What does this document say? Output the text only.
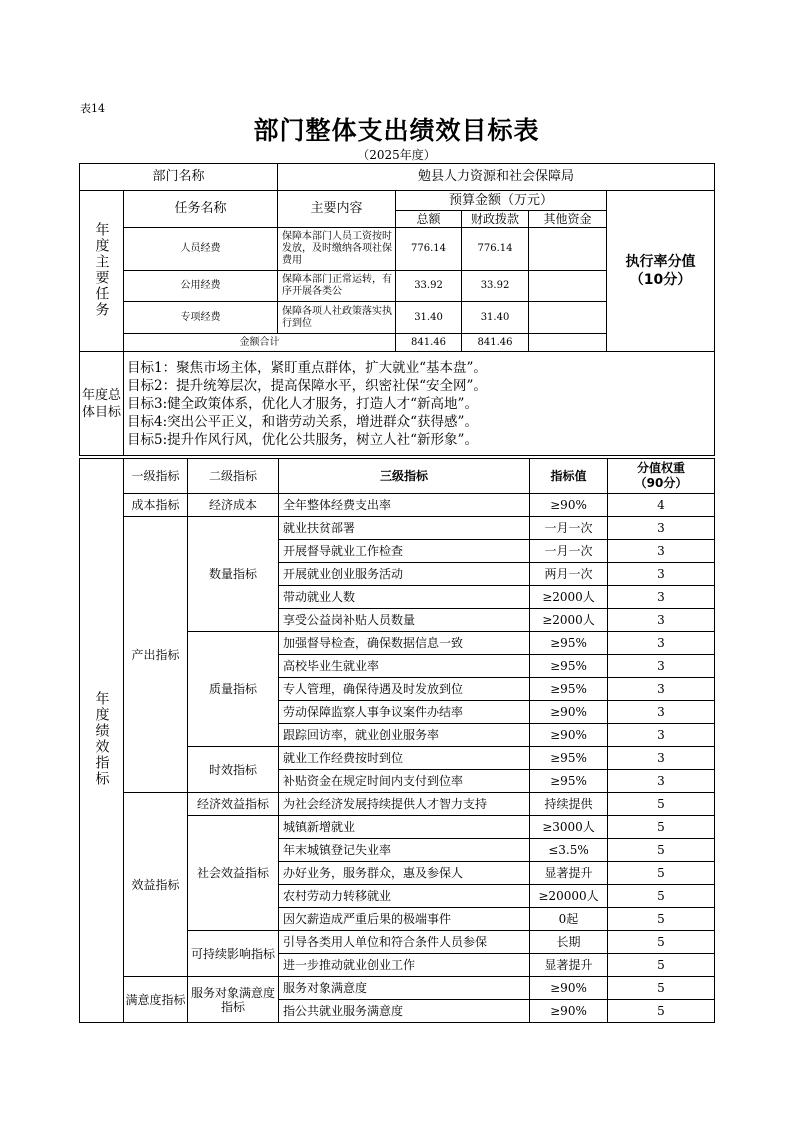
表14
部门整体支出绩效目标表
（2025年度）
部门名称		勉县人力资源和社会保障局				
年度主要任务	任务名称	主要内容	预算金额（万元）			执行率分值
（10分）

			总额	财政拨款	其他资金	
	人员经费	保障本部门人员工资按时发放，及时缴纳各项社保费用	776.14	776.14		
	公用经费	保障本部门正常运转，有序开展各类公	33.92	33.92		
	专项经费	保障各项人社政策落实执行到位	31.40	31.40		
	金额合计		841.46	841.46		
年度总体目标	目标1：聚焦市场主体，紧盯重点群体，扩大就业“基本盘”。
目标2：提升统筹层次，提高保障水平，织密社保“安全网”。
目标3:健全政策体系，优化人才服务，打造人才“新高地”。
目标4:突出公平正义，和谐劳动关系，增进群众“获得感”。
目标5:提升作风行风，优化公共服务，树立人社“新形象”。					
年度绩效指标	一级指标	二级指标	三级指标	指标值	分值权重
（90分）

	成本指标	经济成本	全年整体经费支出率	≥90%	4
	产出指标	数量指标	就业扶贫部署	一月一次	3
			开展督导就业工作检查	一月一次	3
			开展就业创业服务活动	两月一次	3
			带动就业人数	≥2000人	3
			享受公益岗补贴人员数量	≥2000人	3
		质量指标	加强督导检查，确保数据信息一致	≥95%	3
			高校毕业生就业率	≥95%	3
			专人管理，确保待遇及时发放到位	≥95%	3
			劳动保障监察人事争议案件办结率	≥90%	3
			跟踪回访率，就业创业服务率	≥90%	3
		时效指标	就业工作经费按时到位	≥95%	3
			补贴资金在规定时间内支付到位率	≥95%	3
	效益指标	经济效益指标	为社会经济发展持续提供人才智力支持	持续提供	5
		社会效益指标	城镇新增就业	≥3000人	5
			年末城镇登记失业率	≤3.5%	5
			办好业务，服务群众，惠及参保人	显著提升	5
			农村劳动力转移就业	≥20000人	5
			因欠薪造成严重后果的极端事件	0起	5
		可持续影响指标	引导各类用人单位和符合条件人员参保	长期	5
			进一步推动就业创业工作	显著提升	5
	满意度指标	服务对象满意度指标	服务对象满意度	≥90%	5
			指公共就业服务满意度	≥90%	5
